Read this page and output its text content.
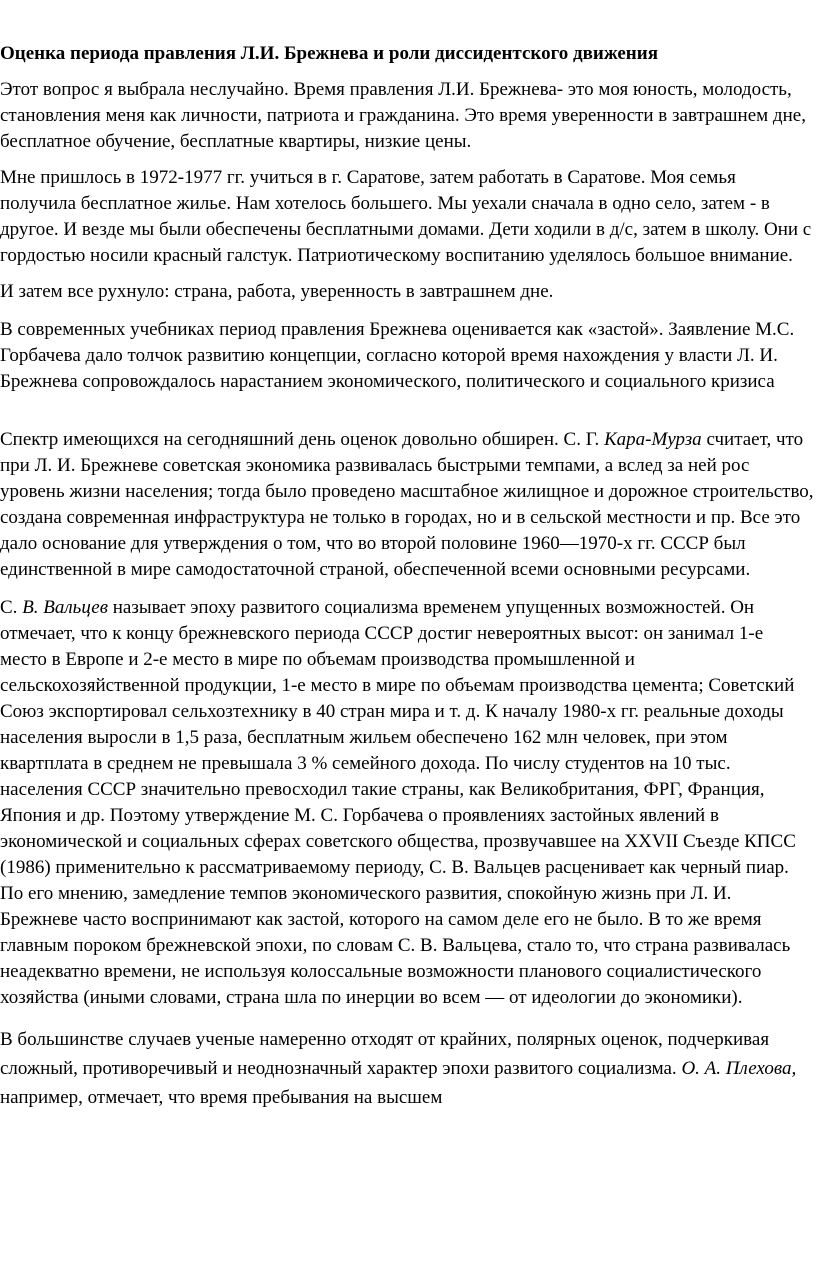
Оценка периода правления Л.И. Брежнева и роли диссидентского движения

Этот вопрос я выбрала неслучайно. Время правления Л.И. Брежнева- это моя юность, молодость, становления меня как личности, патриота и гражданина. Это время уверенности в завтрашнем дне, бесплатное обучение, бесплатные квартиры, низкие цены.

Мне пришлось в 1972-1977 гг. учиться в г. Саратове, затем работать в Саратове. Моя семья получила бесплатное жилье. Нам хотелось большего. Мы уехали сначала в одно село, затем - в другое. И везде мы были обеспечены бесплатными домами. Дети ходили в д/с, затем в школу. Они с гордостью носили красный галстук. Патриотическому воспитанию уделялось большое внимание.

И затем все рухнуло: страна, работа, уверенность в завтрашнем дне.

В современных учебниках период правления Брежнева оценивается как «застой». Заявление М.С. Горбачева дало толчок развитию концепции, согласно которой время нахождения у власти Л. И. Брежнева сопровождалось нарастанием экономического, политического и социального кризиса

Спектр имеющихся на сегодняшний день оценок довольно обширен. С. Г. Кара-Мурза считает, что при Л. И. Брежневе советская экономика развивалась быстрыми темпами, а вслед за ней рос уровень жизни населения; тогда было проведено масштабное жилищное и дорожное строительство, создана современная инфраструктура не только в городах, но и в сельской местности и пр. Все это дало основание для утверждения о том, что во второй половине 1960—1970-х гг. СССР был единственной в мире самодостаточной страной, обеспеченной всеми основными ресурсами.

С. В. Вальцев называет эпоху развитого социализма временем упущенных возможностей. Он отмечает, что к концу брежневского периода СССР достиг невероятных высот: он занимал 1-е место в Европе и 2-е место в мире по объемам производства промышленной и сельскохозяйственной продукции, 1-е место в мире по объемам производства цемента; Советский Союз экспортировал сельхозтехнику в 40 стран мира и т. д. К началу 1980-х гг. реальные доходы населения выросли в 1,5 раза, бесплатным жильем обеспечено 162 млн человек, при этом квартплата в среднем не превышала 3 % семейного дохода. По числу студентов на 10 тыс. населения СССР значительно превосходил такие страны, как Великобритания, ФРГ, Франция, Япония и др. Поэтому утверждение М. С. Горбачева о проявлениях застойных явлений в экономической и социальных сферах советского общества, прозвучавшее на XXVII Съезде КПСС (1986) применительно к рассматриваемому периоду, С. В. Вальцев расценивает как черный пиар. По его мнению, замедление темпов экономического развития, спокойную жизнь при Л. И. Брежневе часто воспринимают как застой, которого на самом деле его не было. В то же время главным пороком брежневской эпохи, по словам С. В. Вальцева, стало то, что страна развивалась неадекватно времени, не используя колоссальные возможности планового социалистического хозяйства (иными словами, страна шла по инерции во всем — от идеологии до экономики).

В большинстве случаев ученые намеренно отходят от крайних, полярных оценок, подчеркивая сложный, противоречивый и неоднозначный характер эпохи развитого социализма. О. А. Плехова, например, отмечает, что время пребывания на высшем
